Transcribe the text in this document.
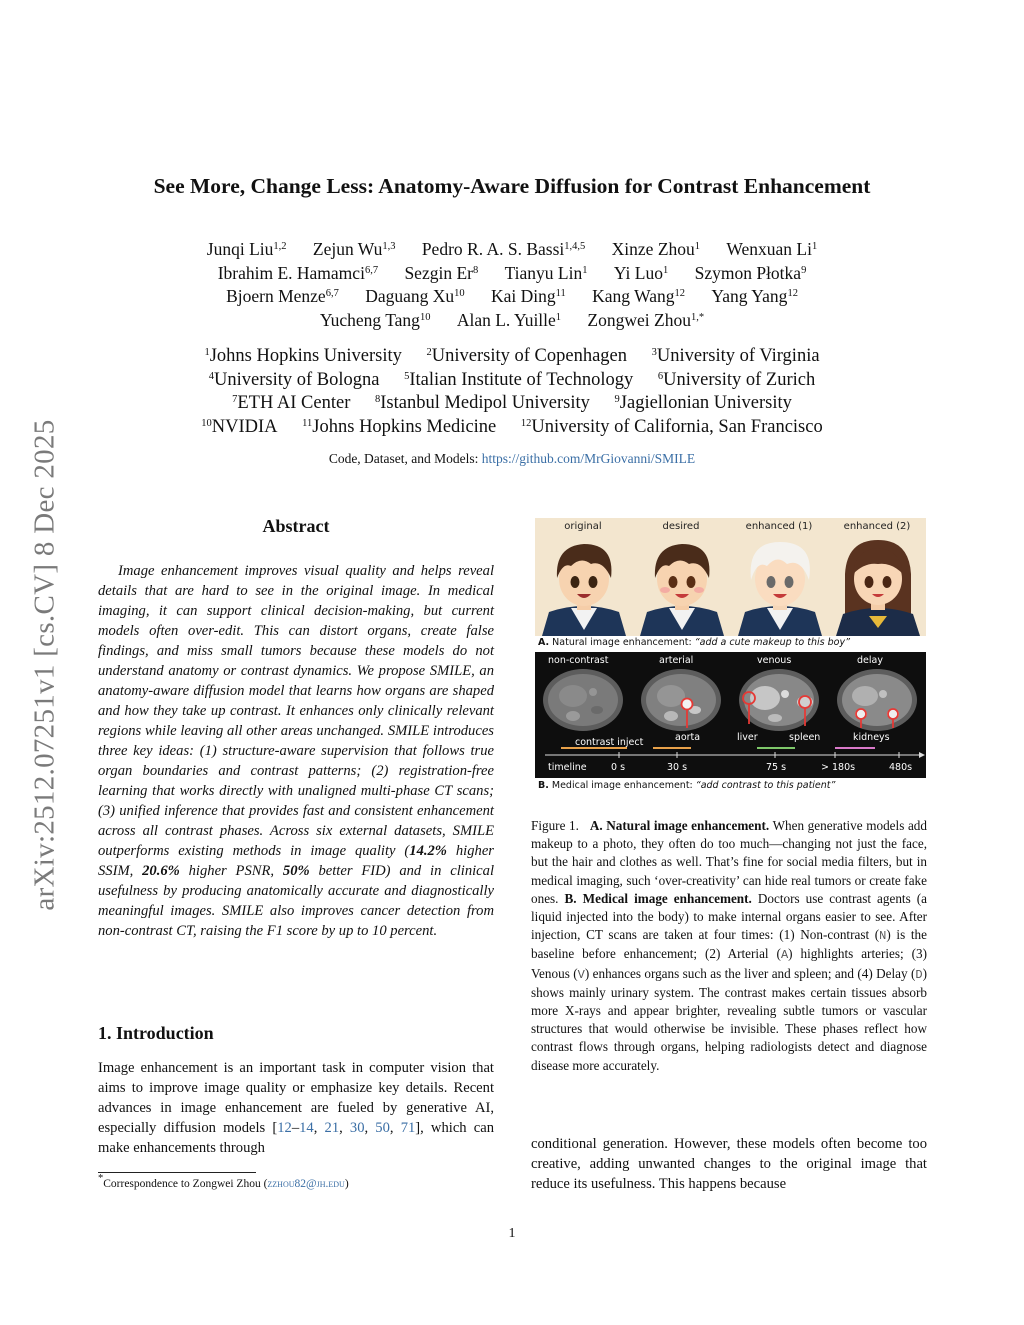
arXiv:2512.07251v1 [cs.CV] 8 Dec 2025
See More, Change Less: Anatomy-Aware Diffusion for Contrast Enhancement
Junqi Liu$^{1,2}$ Zejun Wu$^{1,3}$ Pedro R. A. S. Bassi$^{1,4,5}$ Xinze Zhou$^1$ Wenxuan Li$^1$
Ibrahim E. Hamamci$^{6,7}$ Sezgin Er$^8$ Tianyu Lin$^1$ Yi Luo$^1$ Szymon Płotka$^9$
Bjoern Menze$^{6,7}$ Daguang Xu$^{10}$ Kai Ding$^{11}$ Kang Wang$^{12}$ Yang Yang$^{12}$
Yucheng Tang$^{10}$ Alan L. Yuille$^1$ Zongwei Zhou$^{1,*}$
$^1$Johns Hopkins University $^2$University of Copenhagen $^3$University of Virginia
$^4$University of Bologna $^5$Italian Institute of Technology $^6$University of Zurich
$^7$ETH AI Center $^8$Istanbul Medipol University $^9$Jagiellonian University
$^{10}$NVIDIA $^{11}$Johns Hopkins Medicine $^{12}$University of California, San Francisco
Code, Dataset, and Models: https://github.com/MrGiovanni/SMILE
Abstract
Image enhancement improves visual quality and helps reveal details that are hard to see in the original image. In medical imaging, it can support clinical decision-making, but current models often over-edit. This can distort organs, create false findings, and miss small tumors because these models do not understand anatomy or contrast dynamics. We propose SMILE, an anatomy-aware diffusion model that learns how organs are shaped and how they take up contrast. It enhances only clinically relevant regions while leaving all other areas unchanged. SMILE introduces three key ideas: (1) structure-aware supervision that follows true organ boundaries and contrast patterns; (2) registration-free learning that works directly with unaligned multi-phase CT scans; (3) unified inference that provides fast and consistent enhancement across all contrast phases. Across six external datasets, SMILE outperforms existing methods in image quality (14.2% higher SSIM, 20.6% higher PSNR, 50% better FID) and in clinical usefulness by producing anatomically accurate and diagnostically meaningful images. SMILE also improves cancer detection from non-contrast CT, raising the F1 score by up to 10 percent.
1. Introduction
Image enhancement is an important task in computer vision that aims to improve image quality or emphasize key details. Recent advances in image enhancement are fueled by generative AI, especially diffusion models [12–14, 21, 30, 50, 71], which can make enhancements through
*Correspondence to Zongwei Zhou (zzhou82@jh.edu)
original	desired	enhanced (1)	enhanced (2)
A. Natural image enhancement: “add a cute makeup to this boy”
non-contrast	arterial	venous	delay
aorta	liver	spleen	kidneys
contrast inject
timeline	0 s	30 s	75 s	> 180s	480s
B. Medical image enhancement: “add contrast to this patient”
Figure 1. A. Natural image enhancement. When generative models add makeup to a photo, they often do too much—changing not just the face, but the hair and clothes as well. That’s fine for social media filters, but in medical imaging, such ‘over-creativity’ can hide real tumors or create fake ones. B. Medical image enhancement. Doctors use contrast agents (a liquid injected into the body) to make internal organs easier to see. After injection, CT scans are taken at four times: (1) Non-contrast (N) is the baseline before enhancement; (2) Arterial (A) highlights arteries; (3) Venous (V) enhances organs such as the liver and spleen; and (4) Delay (D) shows mainly urinary system. The contrast makes certain tissues absorb more X-rays and appear brighter, revealing subtle tumors or vascular structures that would otherwise be invisible. These phases reflect how contrast flows through organs, helping radiologists detect and diagnose disease more accurately.
conditional generation. However, these models often become too creative, adding unwanted changes to the original image that reduce its usefulness. This happens because
1
